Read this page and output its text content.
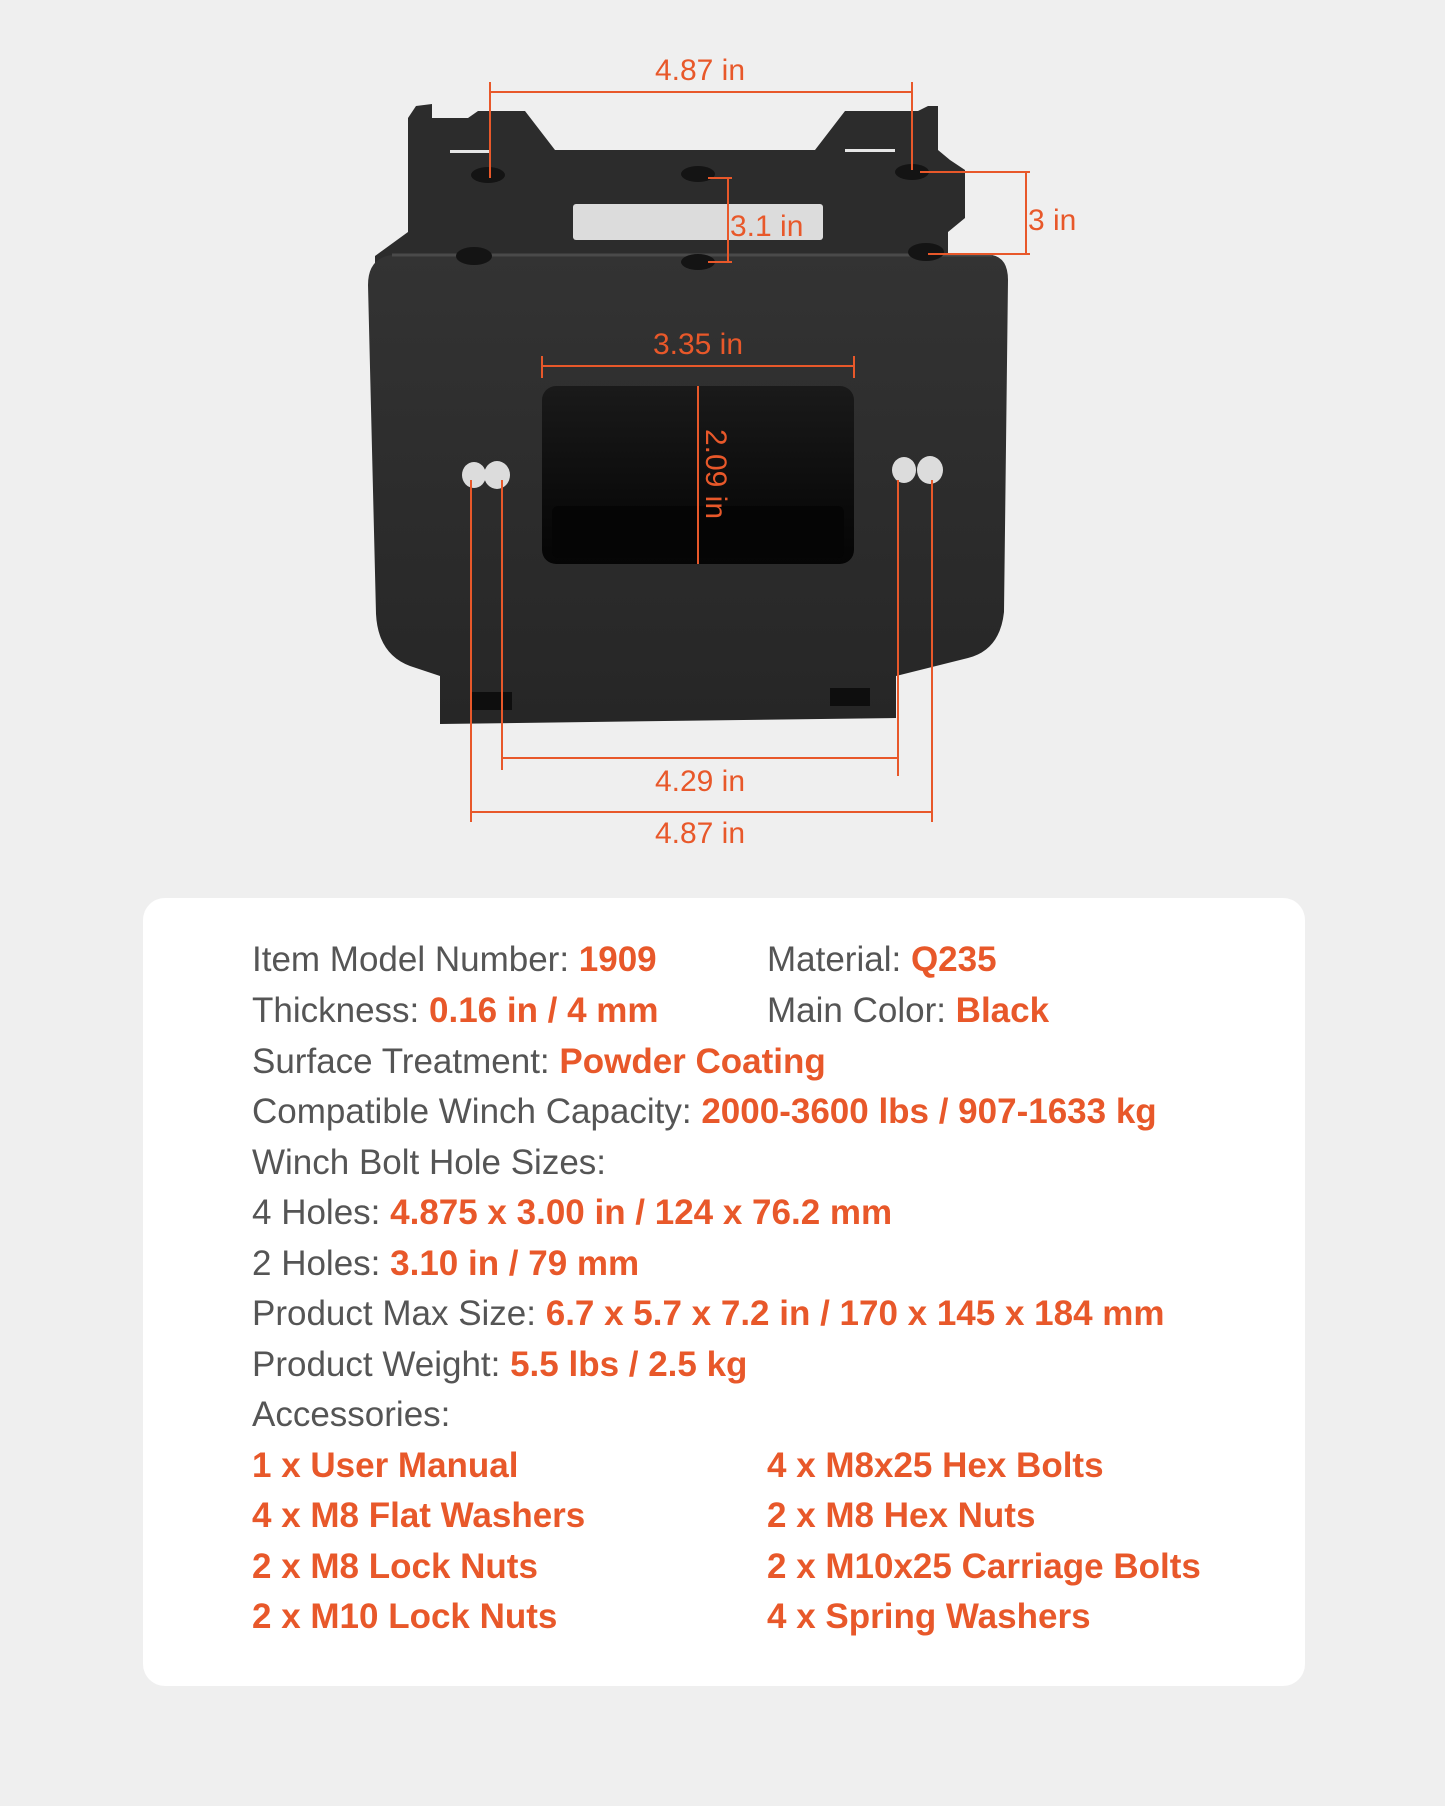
4.87 in
3 in
3.1 in
3.35 in
2.09 in
4.29 in
4.87 in
Item Model Number: 1909	Material: Q235
Thickness: 0.16 in / 4 mm	Main Color: Black
Surface Treatment: Powder Coating
Compatible Winch Capacity: 2000-3600 lbs / 907-1633 kg
Winch Bolt Hole Sizes:
4 Holes: 4.875 x 3.00 in / 124 x 76.2 mm
2 Holes: 3.10 in / 79 mm
Product Max Size: 6.7 x 5.7 x 7.2 in / 170 x 145 x 184 mm
Product Weight: 5.5 lbs / 2.5 kg
Accessories:
1 x User Manual	4 x M8x25 Hex Bolts
4 x M8 Flat Washers	2 x M8 Hex Nuts
2 x M8 Lock Nuts	2 x M10x25 Carriage Bolts
2 x M10 Lock Nuts	4 x Spring Washers
